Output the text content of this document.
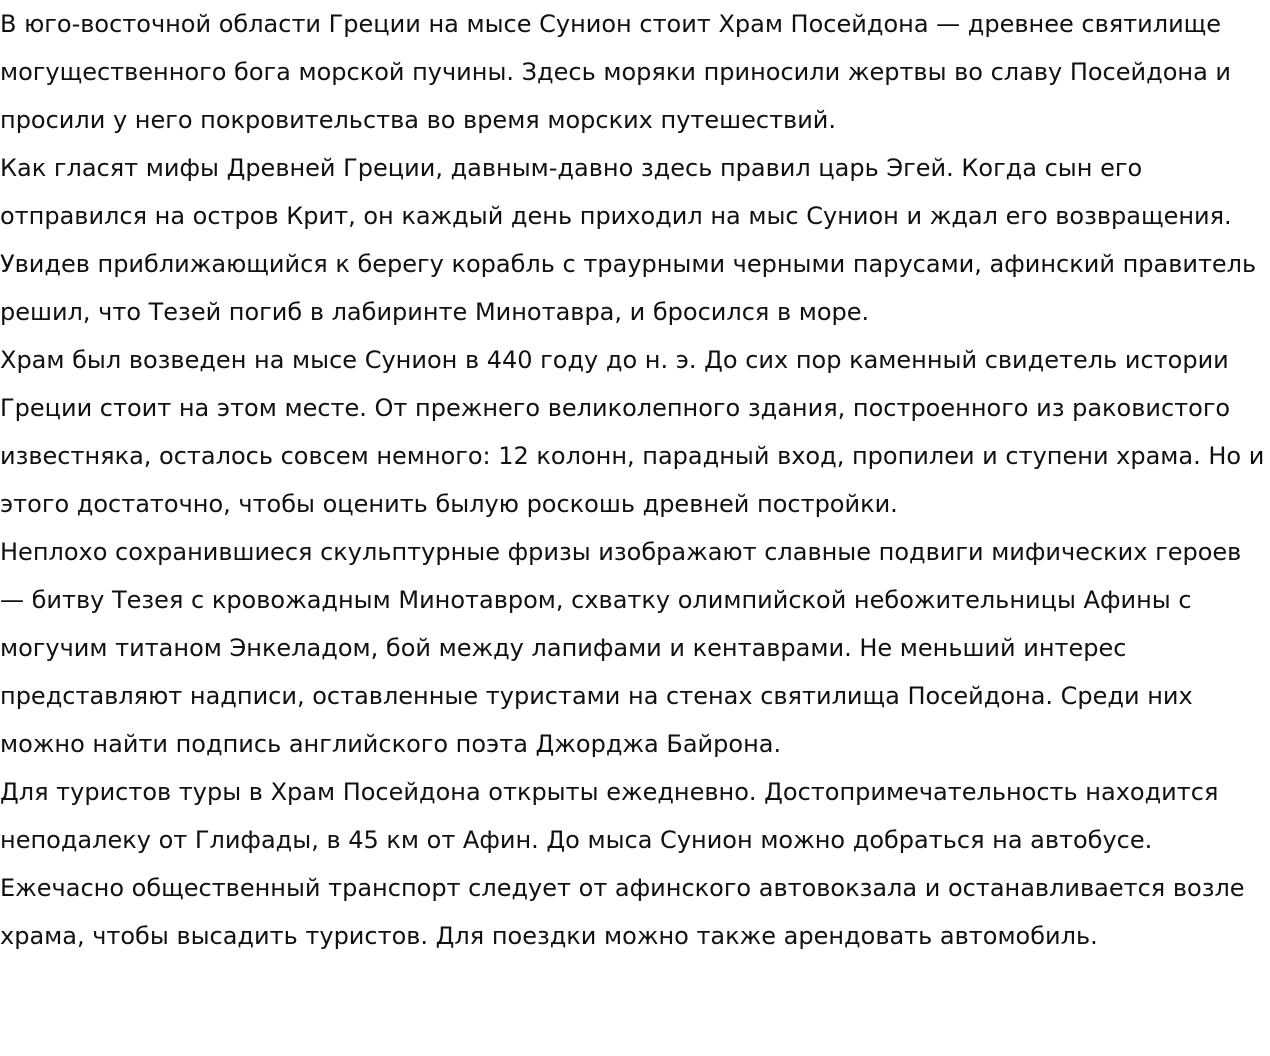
В юго-восточной области Греции на мысе Сунион стоит Храм Посейдона — древнее святилище могущественного бога морской пучины. Здесь моряки приносили жертвы во славу Посейдона и просили у него покровительства во время морских путешествий.

Как гласят мифы Древней Греции, давным-давно здесь правил царь Эгей. Когда сын его отправился на остров Крит, он каждый день приходил на мыс Сунион и ждал его возвращения. Увидев приближающийся к берегу корабль с траурными черными парусами, афинский правитель решил, что Тезей погиб в лабиринте Минотавра, и бросился в море.

Храм был возведен на мысе Сунион в 440 году до н. э. До сих пор каменный свидетель истории Греции стоит на этом месте. От прежнего великолепного здания, построенного из раковистого известняка, осталось совсем немного: 12 колонн, парадный вход, пропилеи и ступени храма. Но и этого достаточно, чтобы оценить былую роскошь древней постройки.

Неплохо сохранившиеся скульптурные фризы изображают славные подвиги мифических героев — битву Тезея с кровожадным Минотавром, схватку олимпийской небожительницы Афины с могучим титаном Энкеладом, бой между лапифами и кентаврами. Не меньший интерес представляют надписи, оставленные туристами на стенах святилища Посейдона. Среди них можно найти подпись английского поэта Джорджа Байрона.

Для туристов туры в Храм Посейдона открыты ежедневно. Достопримечательность находится неподалеку от Глифады, в 45 км от Афин. До мыса Сунион можно добраться на автобусе. Ежечасно общественный транспорт следует от афинского автовокзала и останавливается возле храма, чтобы высадить туристов. Для поездки можно также арендовать автомобиль.
